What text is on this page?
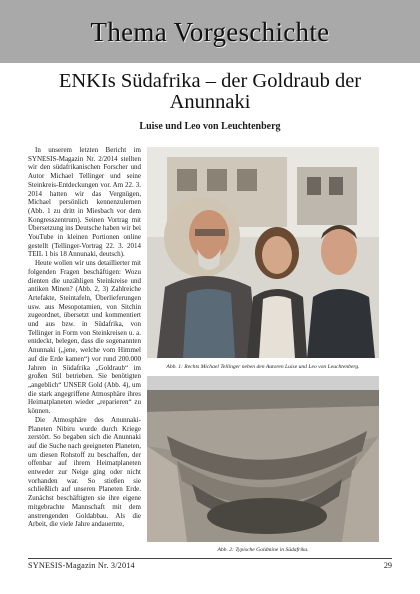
Thema Vorgeschichte
ENKIs Südafrika – der Goldraub der Anunnaki
Luise und Leo von Leuchtenberg

In unserem letzten Bericht im SYNESIS-Magazin Nr. 2/2014 stellten wir den südafrikanischen Forscher und Autor Michael Tellinger und seine Steinkreis-Entdeckungen vor. Am 22. 3. 2014 hatten wir das Vergnügen, Michael persönlich kennenzulernen (Abb. 1 zu dritt in Miesbach vor dem Kongresszentrum). Seinen Vortrag mit Übersetzung ins Deutsche haben wir bei YouTube in kleinen Portionen online gestellt (Tellinger-Vortrag 22. 3. 2014 TEIL 1 bis 18 Annunaki, deutsch).

Heute wollen wir uns detaillierter mit folgenden Fragen beschäftigen: Wozu dienten die unzähligen Steinkreise und antiken Minen? (Abb. 2, 3) Zahlreiche Artefakte, Steintafeln, Überlieferungen usw. aus Mesopotamien, von Sitchin zugeordnet, übersetzt und kommentiert und aus bzw. in Südafrika, von Tellinger in Form von Steinkreisen u. a. entdeckt, belegen, dass die sogenannten Anunnaki („jene, welche vom Himmel auf die Erde kamen“) vor rund 200.000 Jahren in Südafrika „Goldraub“ im großen Stil betrieben. Sie benötigten „angeblich“ UNSER Gold (Abb. 4), um die stark angegriffene Atmosphäre ihres Heimatplaneten wieder „reparieren“ zu können.

Die Atmosphäre des Anunnaki-Planeten Nibiru wurde durch Kriege zerstört. So begaben sich die Anunnaki auf die Suche nach geeigneten Planeten, um diesen Rohstoff zu beschaffen, der offenbar auf ihrem Heimatplaneten entweder zur Neige ging oder nicht vorhanden war. So stießen sie schließlich auf unseren Planeten Erde. Zunächst beschäftigten sie ihre eigene mitgebrachte Mannschaft mit dem anstrengenden Goldabbau. Als die Arbeit, die viele Jahre andauernte,

Abb. 1: Rechts Michael Tellinger neben den Autoren Luise und Leo von Leuchtenberg.
Abb. 2: Typische Goldmine in Südafrika.
SYNESIS-Magazin Nr. 3/2014	29
